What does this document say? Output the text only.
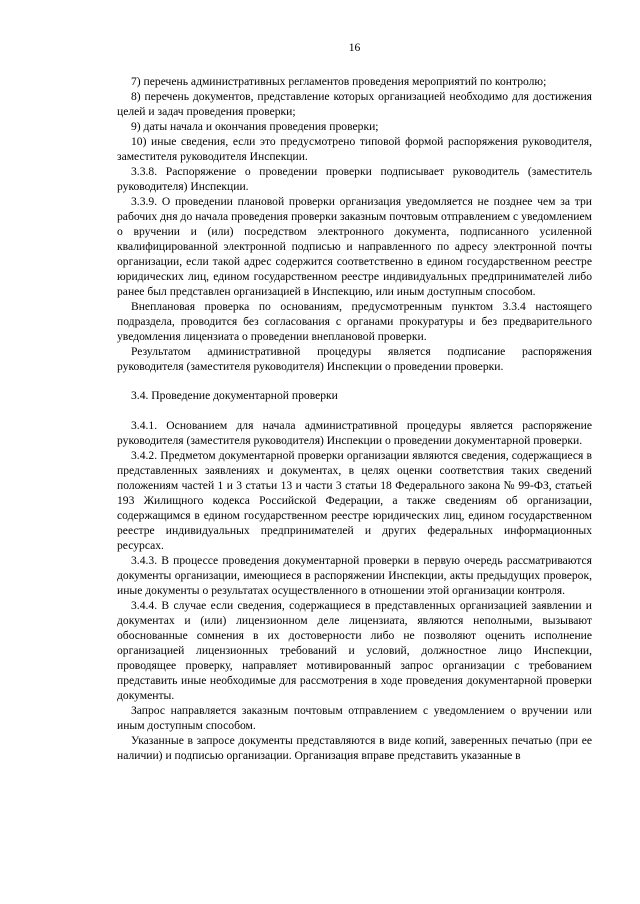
16

7) перечень административных регламентов проведения мероприятий по контролю;

8) перечень документов, представление которых организацией необходимо для достижения целей и задач проведения проверки;

9) даты начала и окончания проведения проверки;

10) иные сведения, если это предусмотрено типовой формой распоряжения руководителя, заместителя руководителя Инспекции.

3.3.8. Распоряжение о проведении проверки подписывает руководитель (заместитель руководителя) Инспекции.

3.3.9. О проведении плановой проверки организация уведомляется не позднее чем за три рабочих дня до начала проведения проверки заказным почтовым отправлением с уведомлением о вручении и (или) посредством электронного документа, подписанного усиленной квалифицированной электронной подписью и направленного по адресу электронной почты организации, если такой адрес содержится соответственно в едином государственном реестре юридических лиц, едином государственном реестре индивидуальных предпринимателей либо ранее был представлен организацией в Инспекцию, или иным доступным способом.

Внеплановая проверка по основаниям, предусмотренным пунктом 3.3.4 настоящего подраздела, проводится без согласования с органами прокуратуры и без предварительного уведомления лицензиата о проведении внеплановой проверки.

Результатом административной процедуры является подписание распоряжения руководителя (заместителя руководителя) Инспекции о проведении проверки.

3.4. Проведение документарной проверки

3.4.1. Основанием для начала административной процедуры является распоряжение руководителя (заместителя руководителя) Инспекции о проведении документарной проверки.

3.4.2. Предметом документарной проверки организации являются сведения, содержащиеся в представленных заявлениях и документах, в целях оценки соответствия таких сведений положениям частей 1 и 3 статьи 13 и части 3 статьи 18 Федерального закона № 99-ФЗ, статьей 193 Жилищного кодекса Российской Федерации, а также сведениям об организации, содержащимся в едином государственном реестре юридических лиц, едином государственном реестре индивидуальных предпринимателей и других федеральных информационных ресурсах.

3.4.3. В процессе проведения документарной проверки в первую очередь рассматриваются документы организации, имеющиеся в распоряжении Инспекции, акты предыдущих проверок, иные документы о результатах осуществленного в отношении этой организации контроля.

3.4.4. В случае если сведения, содержащиеся в представленных организацией заявлении и документах и (или) лицензионном деле лицензиата, являются неполными, вызывают обоснованные сомнения в их достоверности либо не позволяют оценить исполнение организацией лицензионных требований и условий, должностное лицо Инспекции, проводящее проверку, направляет мотивированный запрос организации с требованием представить иные необходимые для рассмотрения в ходе проведения документарной проверки документы.

Запрос направляется заказным почтовым отправлением с уведомлением о вручении или иным доступным способом.

Указанные в запросе документы представляются в виде копий, заверенных печатью (при ее наличии) и подписью организации. Организация вправе представить указанные в
